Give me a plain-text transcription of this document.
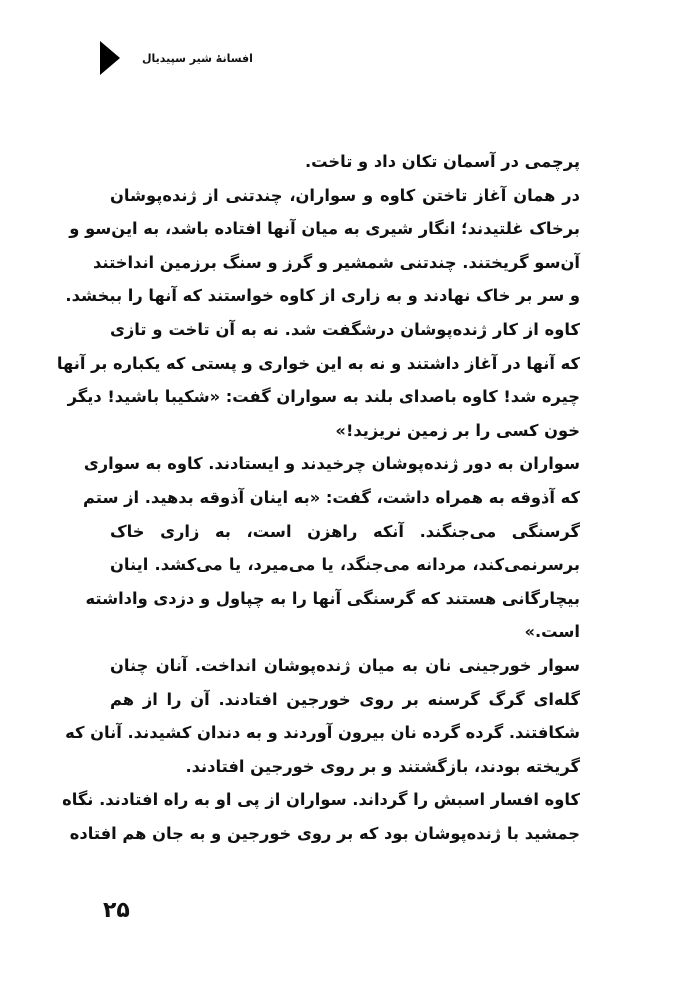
افسانهٔ شیر سپیدیال
پرچمی در آسمان تکان داد و تاخت.
در همان آغاز تاختن کاوه و سواران، چندتنی از ژنده‌پوشان
برخاک غلتیدند؛ انگار شیری به میان آنها افتاده باشد، به این‌سو و
آن‌سو گریختند. چندتنی شمشیر و گرز و سنگ برزمین انداختند
و سر بر خاک نهادند و به زاری از کاوه خواستند که آنها را ببخشد.
کاوه از کار ژنده‌پوشان درشگفت شد. نه به آن تاخت و تازی
که آنها در آغاز داشتند و نه به این خواری و پستی که یکباره بر آنها
چیره شد! کاوه باصدای بلند به سواران گفت: «شکیبا باشید! دیگر
خون کسی را بر زمین نریزید!»
سواران به دور ژنده‌پوشان چرخیدند و ایستادند. کاوه به سواری
که آذوقه به همراه داشت، گفت: «به اینان آذوقه بدهید. از ستم
گرسنگی می‌جنگند. آنکه راهزن است، به زاری خاک
برسرنمی‌کند، مردانه می‌جنگد، یا می‌میرد، یا می‌کشد. اینان
بیچارگانی هستند که گرسنگی آنها را به چپاول و دزدی واداشته
است.»
سوار خورجینی نان به میان ژنده‌پوشان انداخت. آنان چنان
گله‌ای گرگ گرسنه بر روی خورجین افتادند. آن را از هم
شکافتند. گرده گرده نان بیرون آوردند و به دندان کشیدند. آنان که
گریخته بودند، بازگشتند و بر روی خورجین افتادند.
کاوه افسار اسبش را گرداند. سواران از پی او به راه افتادند. نگاه
جمشید با ژنده‌پوشان بود که بر روی خورجین و به جان هم افتاده
۲۵
